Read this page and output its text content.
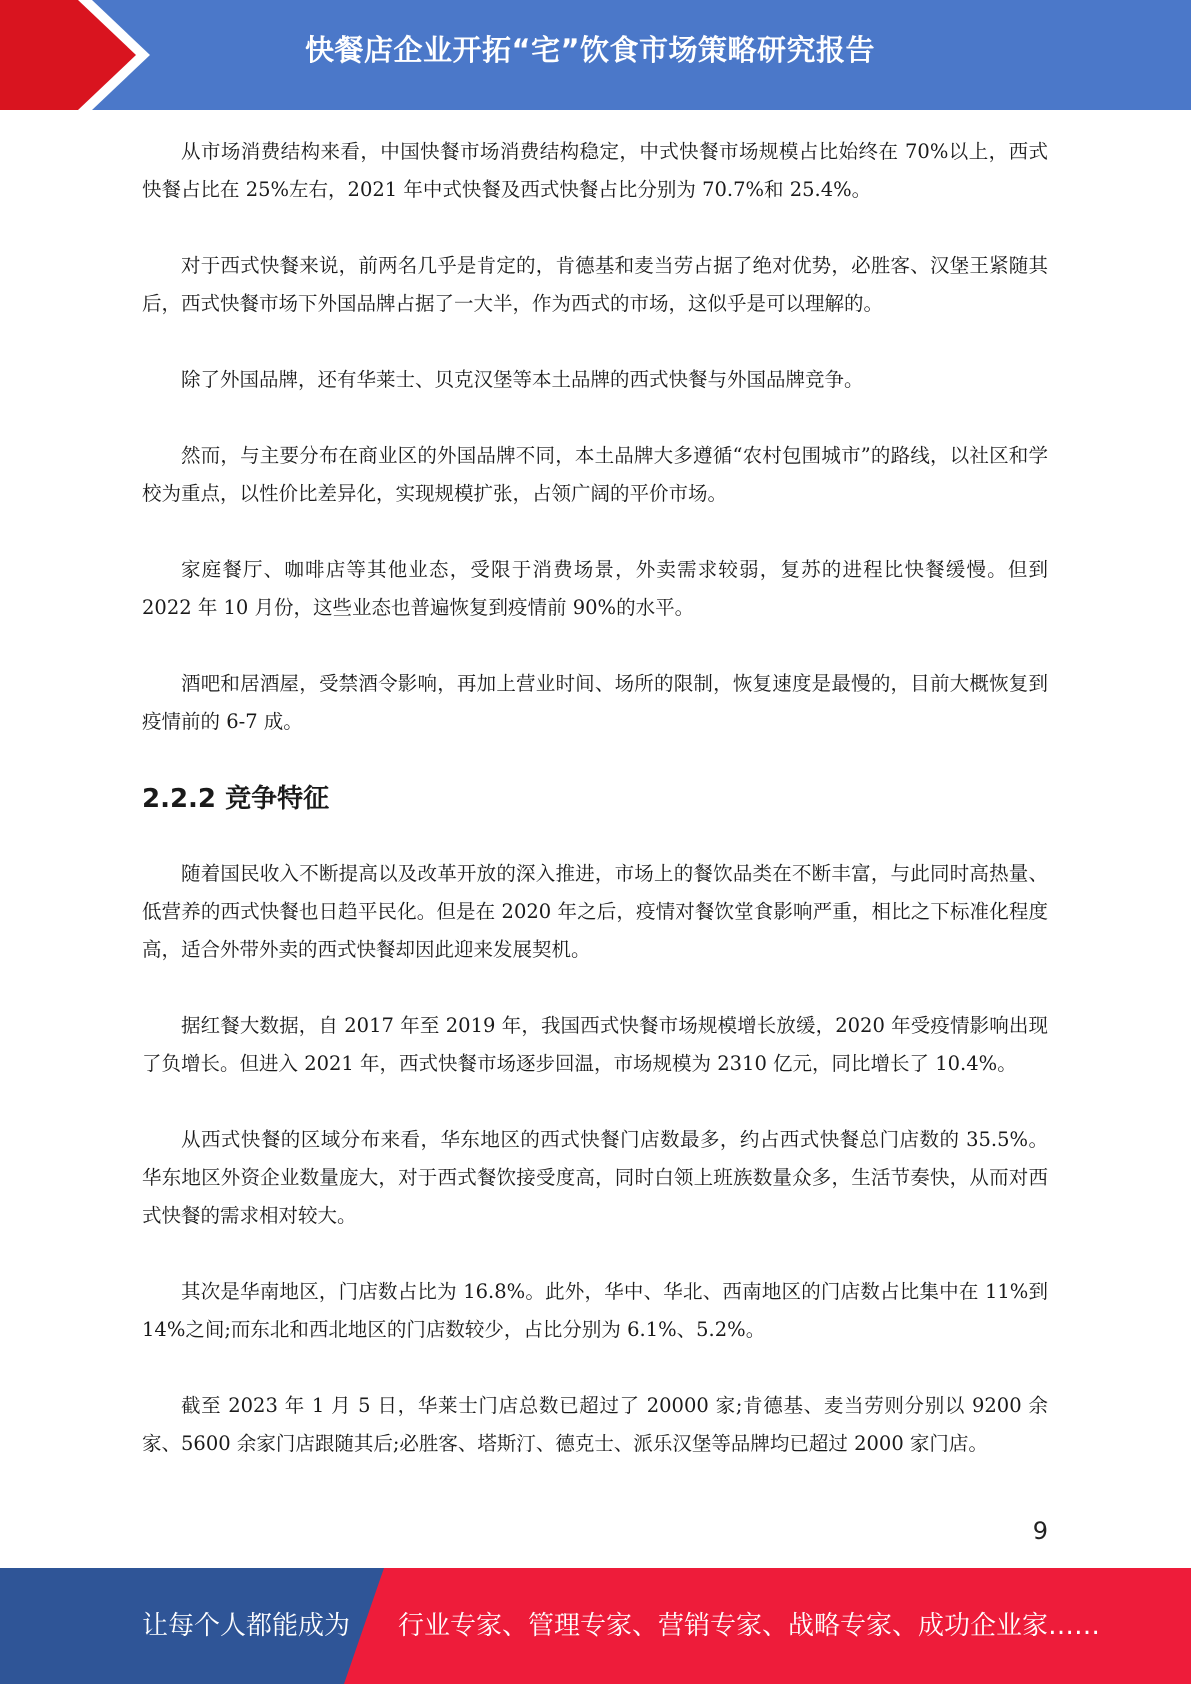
快餐店企业开拓“宅”饮食市场策略研究报告

从市场消费结构来看，中国快餐市场消费结构稳定，中式快餐市场规模占比始终在 70%以上，西式快餐占比在 25%左右，2021 年中式快餐及西式快餐占比分别为 70.7%和 25.4%。

对于西式快餐来说，前两名几乎是肯定的，肯德基和麦当劳占据了绝对优势，必胜客、汉堡王紧随其后，西式快餐市场下外国品牌占据了一大半，作为西式的市场，这似乎是可以理解的。

除了外国品牌，还有华莱士、贝克汉堡等本土品牌的西式快餐与外国品牌竞争。

然而，与主要分布在商业区的外国品牌不同，本土品牌大多遵循“农村包围城市”的路线，以社区和学校为重点，以性价比差异化，实现规模扩张，占领广阔的平价市场。

家庭餐厅、咖啡店等其他业态，受限于消费场景，外卖需求较弱，复苏的进程比快餐缓慢。但到 2022 年 10 月份，这些业态也普遍恢复到疫情前 90%的水平。

酒吧和居酒屋，受禁酒令影响，再加上营业时间、场所的限制，恢复速度是最慢的，目前大概恢复到疫情前的 6-7 成。

2.2.2 竞争特征

随着国民收入不断提高以及改革开放的深入推进，市场上的餐饮品类在不断丰富，与此同时高热量、低营养的西式快餐也日趋平民化。但是在 2020 年之后，疫情对餐饮堂食影响严重，相比之下标准化程度高，适合外带外卖的西式快餐却因此迎来发展契机。

据红餐大数据，自 2017 年至 2019 年，我国西式快餐市场规模增长放缓，2020 年受疫情影响出现了负增长。但进入 2021 年，西式快餐市场逐步回温，市场规模为 2310 亿元，同比增长了 10.4%。

从西式快餐的区域分布来看，华东地区的西式快餐门店数最多，约占西式快餐总门店数的 35.5%。华东地区外资企业数量庞大，对于西式餐饮接受度高，同时白领上班族数量众多，生活节奏快，从而对西式快餐的需求相对较大。

其次是华南地区，门店数占比为 16.8%。此外，华中、华北、西南地区的门店数占比集中在 11%到 14%之间;而东北和西北地区的门店数较少，占比分别为 6.1%、5.2%。

截至 2023 年 1 月 5 日，华莱士门店总数已超过了 20000 家;肯德基、麦当劳则分别以 9200 余家、5600 余家门店跟随其后;必胜客、塔斯汀、德克士、派乐汉堡等品牌均已超过 2000 家门店。

9
让每个人都能成为 行业专家、管理专家、营销专家、战略专家、成功企业家……
